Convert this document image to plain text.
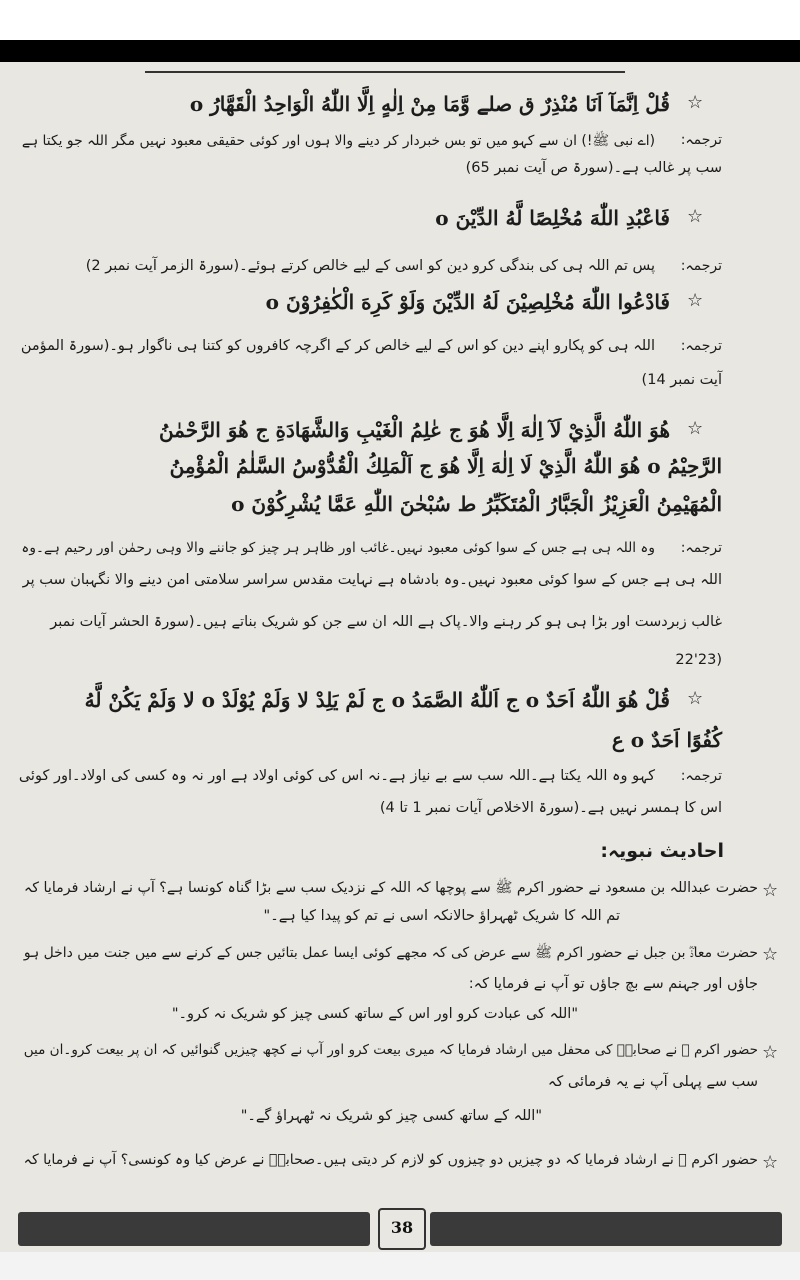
☆
قُلْ اِنَّمَآ اَنَا مُنْذِرٌ ق صلے وَّمَا مِنْ اِلٰهٍ اِلَّا اللّٰهُ الْوَاحِدُ الْقَهَّارُ o
ترجمہ:
(اے نبی ﷺ!) ان سے کہو میں تو بس خبردار کر دینے والا ہوں اور کوئی حقیقی معبود نہیں مگر اللہ جو یکتا ہے
سب پر غالب ہے۔(سورۃ ص آیت نمبر 65)
☆
فَاعْبُدِ اللّٰهَ مُخْلِصًا لَّهُ الدِّيْنَ o
ترجمہ:
پس تم اللہ ہی کی بندگی کرو دین کو اسی کے لیے خالص کرتے ہوئے۔(سورۃ الزمر آیت نمبر 2)
☆
فَادْعُوا اللّٰهَ مُخْلِصِيْنَ لَهُ الدِّيْنَ وَلَوْ كَرِهَ الْكٰفِرُوْنَ o
ترجمہ:
اللہ ہی کو پکارو اپنے دین کو اس کے لیے خالص کر کے اگرچہ کافروں کو کتنا ہی ناگوار ہو۔(سورۃ المؤمن
آیت نمبر 14)
☆
هُوَ اللّٰهُ الَّذِيْ لَآ اِلٰهَ اِلَّا هُوَ ج عٰلِمُ الْغَيْبِ وَالشَّهَادَةِ ج هُوَ الرَّحْمٰنُ
الرَّحِيْمُ o هُوَ اللّٰهُ الَّذِيْ لَا اِلٰهَ اِلَّا هُوَ ج اَلْمَلِكُ الْقُدُّوْسُ السَّلٰمُ الْمُؤْمِنُ
الْمُهَيْمِنُ الْعَزِيْزُ الْجَبَّارُ الْمُتَكَبِّرُ ط سُبْحٰنَ اللّٰهِ عَمَّا يُشْرِكُوْنَ o
ترجمہ:
وہ اللہ ہی ہے جس کے سوا کوئی معبود نہیں۔غائب اور ظاہر ہر چیز کو جاننے والا وہی رحمٰن اور رحیم ہے۔وہ
اللہ ہی ہے جس کے سوا کوئی معبود نہیں۔وہ بادشاہ ہے نہایت مقدس سراسر سلامتی امن دینے والا نگہبان سب پر
غالب زبردست اور بڑا ہی ہو کر رہنے والا۔پاک ہے اللہ ان سے جن کو شریک بناتے ہیں۔(سورۃ الحشر آیات نمبر
(23'22
☆
قُلْ هُوَ اللّٰهُ اَحَدٌ o ج اَللّٰهُ الصَّمَدُ o ج لَمْ يَلِدْ لا وَلَمْ يُوْلَدْ o لا وَلَمْ يَكُنْ لَّهُ
كُفُوًا اَحَدٌ o ع
ترجمہ:
کہو وہ اللہ یکتا ہے۔اللہ سب سے بے نیاز ہے۔نہ اس کی کوئی اولاد ہے اور نہ وہ کسی کی اولاد۔اور کوئی
اس کا ہمسر نہیں ہے۔(سورۃ الاخلاص آیات نمبر 1 تا 4)
احادیث نبویہ:
☆
حضرت عبداللہ بن مسعود نے حضور اکرم ﷺ سے پوچھا کہ اللہ کے نزدیک سب سے بڑا گناہ کونسا ہے؟ آپ نے ارشاد فرمایا کہ
تم اللہ کا شریک ٹھہراؤ حالانکہ اسی نے تم کو پیدا کیا ہے۔"
☆
حضرت معاذؓ بن جبل نے حضور اکرم ﷺ سے عرض کی کہ مجھے کوئی ایسا عمل بتائیں جس کے کرنے سے میں جنت میں داخل ہو
جاؤں اور جہنم سے بچ جاؤں تو آپ نے فرمایا کہ:
"اللہ کی عبادت کرو اور اس کے ساتھ کسی چیز کو شریک نہ کرو۔"
☆
حضور اکرم ﷺ نے صحابہؓ کی محفل میں ارشاد فرمایا کہ میری بیعت کرو اور آپ نے کچھ چیزیں گنوائیں کہ ان پر بیعت کرو۔ان میں
سب سے پہلی آپ نے یہ فرمائی کہ
"اللہ کے ساتھ کسی چیز کو شریک نہ ٹھہراؤ گے۔"
☆
حضور اکرم ﷺ نے ارشاد فرمایا کہ دو چیزیں دو چیزوں کو لازم کر دیتی ہیں۔صحابہؓ نے عرض کیا وہ کونسی؟ آپ نے فرمایا کہ
38
